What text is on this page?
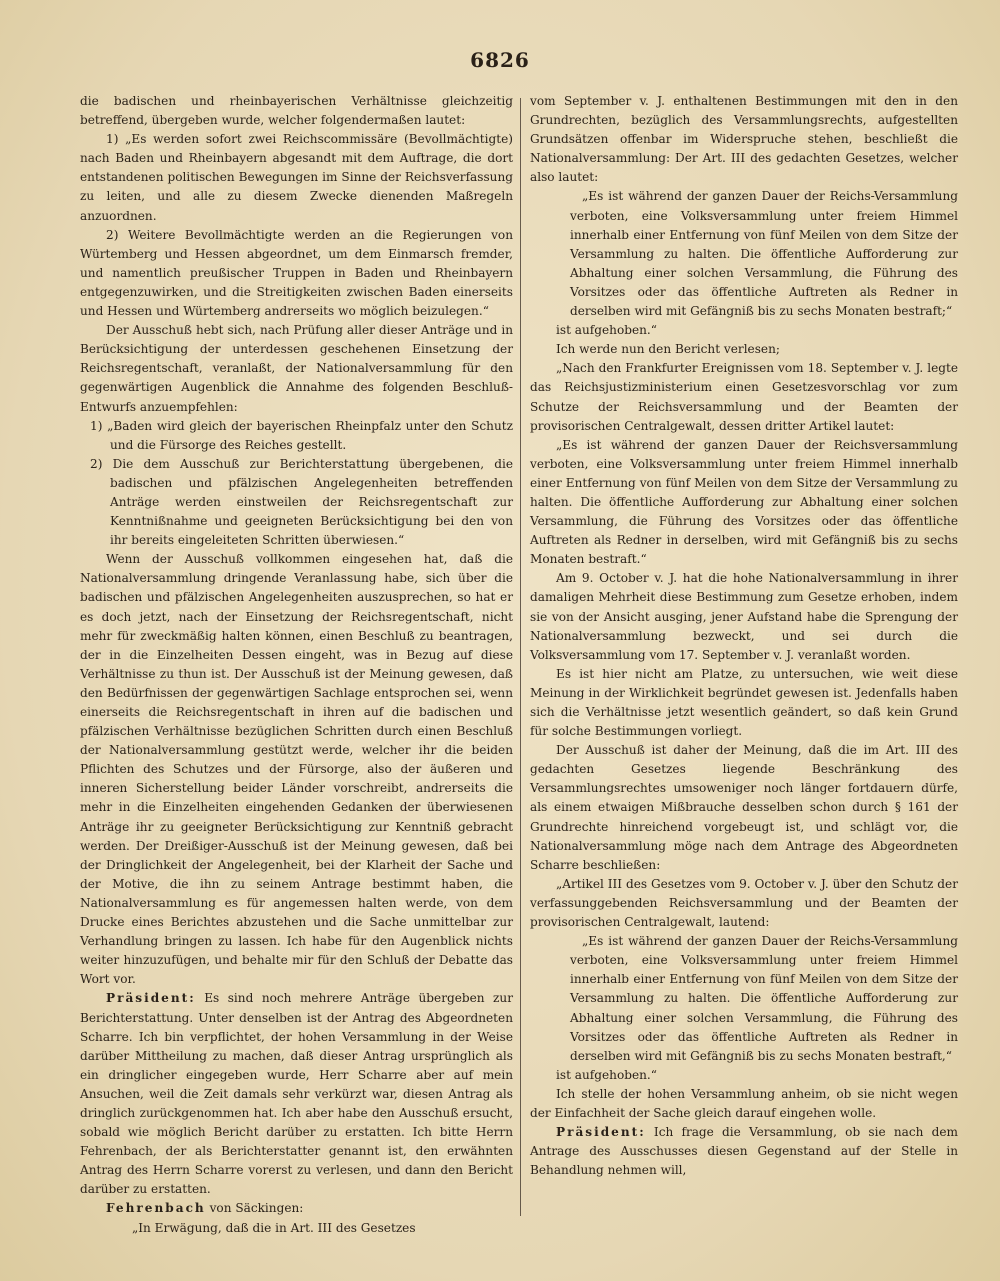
6826

die badischen und rheinbayerischen Verhältnisse gleichzeitig betreffend, übergeben wurde, welcher folgendermaßen lautet:

1) „Es werden sofort zwei Reichscommissäre (Bevollmächtigte) nach Baden und Rheinbayern abgesandt mit dem Auftrage, die dort entstandenen politischen Bewegungen im Sinne der Reichsverfassung zu leiten, und alle zu diesem Zwecke dienenden Maßregeln anzuordnen.

2) Weitere Bevollmächtigte werden an die Regierungen von Würtemberg und Hessen abgeordnet, um dem Einmarsch fremder, und namentlich preußischer Truppen in Baden und Rheinbayern entgegenzuwirken, und die Streitigkeiten zwischen Baden einerseits und Hessen und Würtemberg andrerseits wo möglich beizulegen.“

Der Ausschuß hebt sich, nach Prüfung aller dieser Anträge und in Berücksichtigung der unterdessen geschehenen Einsetzung der Reichsregentschaft, veranlaßt, der Nationalversammlung für den gegenwärtigen Augenblick die Annahme des folgenden Beschluß-Entwurfs anzuempfehlen:

1) „Baden wird gleich der bayerischen Rheinpfalz unter den Schutz und die Fürsorge des Reiches gestellt.

2) Die dem Ausschuß zur Berichterstattung übergebenen, die badischen und pfälzischen Angelegenheiten betreffenden Anträge werden einstweilen der Reichsregentschaft zur Kenntnißnahme und geeigneten Berücksichtigung bei den von ihr bereits eingeleiteten Schritten überwiesen.“

Wenn der Ausschuß vollkommen eingesehen hat, daß die Nationalversammlung dringende Veranlassung habe, sich über die badischen und pfälzischen Angelegenheiten auszusprechen, so hat er es doch jetzt, nach der Einsetzung der Reichsregentschaft, nicht mehr für zweckmäßig halten können, einen Beschluß zu beantragen, der in die Einzelheiten Dessen eingeht, was in Bezug auf diese Verhältnisse zu thun ist. Der Ausschuß ist der Meinung gewesen, daß den Bedürfnissen der gegenwärtigen Sachlage entsprochen sei, wenn einerseits die Reichsregentschaft in ihren auf die badischen und pfälzischen Verhältnisse bezüglichen Schritten durch einen Beschluß der Nationalversammlung gestützt werde, welcher ihr die beiden Pflichten des Schutzes und der Fürsorge, also der äußeren und inneren Sicherstellung beider Länder vorschreibt, andrerseits die mehr in die Einzelheiten eingehenden Gedanken der überwiesenen Anträge ihr zu geeigneter Berücksichtigung zur Kenntniß gebracht werden. Der Dreißiger-Ausschuß ist der Meinung gewesen, daß bei der Dringlichkeit der Angelegenheit, bei der Klarheit der Sache und der Motive, die ihn zu seinem Antrage bestimmt haben, die Nationalversammlung es für angemessen halten werde, von dem Drucke eines Berichtes abzustehen und die Sache unmittelbar zur Verhandlung bringen zu lassen. Ich habe für den Augenblick nichts weiter hinzuzufügen, und behalte mir für den Schluß der Debatte das Wort vor.

Präsident: Es sind noch mehrere Anträge übergeben zur Berichterstattung. Unter denselben ist der Antrag des Abgeordneten Scharre. Ich bin verpflichtet, der hohen Versammlung in der Weise darüber Mittheilung zu machen, daß dieser Antrag ursprünglich als ein dringlicher eingegeben wurde, Herr Scharre aber auf mein Ansuchen, weil die Zeit damals sehr verkürzt war, diesen Antrag als dringlich zurückgenommen hat. Ich aber habe den Ausschuß ersucht, sobald wie möglich Bericht darüber zu erstatten. Ich bitte Herrn Fehrenbach, der als Berichterstatter genannt ist, den erwähnten Antrag des Herrn Scharre vorerst zu verlesen, und dann den Bericht darüber zu erstatten.

Fehrenbach von Säckingen:

„In Erwägung, daß die in Art. III des Gesetzes

vom September v. J. enthaltenen Bestimmungen mit den in den Grundrechten, bezüglich des Versammlungsrechts, aufgestellten Grundsätzen offenbar im Widerspruche stehen, beschließt die Nationalversammlung: Der Art. III des gedachten Gesetzes, welcher also lautet:

„Es ist während der ganzen Dauer der Reichs-Versammlung verboten, eine Volksversammlung unter freiem Himmel innerhalb einer Entfernung von fünf Meilen von dem Sitze der Versammlung zu halten. Die öffentliche Aufforderung zur Abhaltung einer solchen Versammlung, die Führung des Vorsitzes oder das öffentliche Auftreten als Redner in derselben wird mit Gefängniß bis zu sechs Monaten bestraft;“

ist aufgehoben.“

Ich werde nun den Bericht verlesen;

„Nach den Frankfurter Ereignissen vom 18. September v. J. legte das Reichsjustizministerium einen Gesetzesvorschlag vor zum Schutze der Reichsversammlung und der Beamten der provisorischen Centralgewalt, dessen dritter Artikel lautet:

„Es ist während der ganzen Dauer der Reichsversammlung verboten, eine Volksversammlung unter freiem Himmel innerhalb einer Entfernung von fünf Meilen von dem Sitze der Versammlung zu halten. Die öffentliche Aufforderung zur Abhaltung einer solchen Versammlung, die Führung des Vorsitzes oder das öffentliche Auftreten als Redner in derselben, wird mit Gefängniß bis zu sechs Monaten bestraft.“

Am 9. October v. J. hat die hohe Nationalversammlung in ihrer damaligen Mehrheit diese Bestimmung zum Gesetze erhoben, indem sie von der Ansicht ausging, jener Aufstand habe die Sprengung der Nationalversammlung bezweckt, und sei durch die Volksversammlung vom 17. September v. J. veranlaßt worden.

Es ist hier nicht am Platze, zu untersuchen, wie weit diese Meinung in der Wirklichkeit begründet gewesen ist. Jedenfalls haben sich die Verhältnisse jetzt wesentlich geändert, so daß kein Grund für solche Bestimmungen vorliegt.

Der Ausschuß ist daher der Meinung, daß die im Art. III des gedachten Gesetzes liegende Beschränkung des Versammlungsrechtes umsoweniger noch länger fortdauern dürfe, als einem etwaigen Mißbrauche desselben schon durch § 161 der Grundrechte hinreichend vorgebeugt ist, und schlägt vor, die Nationalversammlung möge nach dem Antrage des Abgeordneten Scharre beschließen:

„Artikel III des Gesetzes vom 9. October v. J. über den Schutz der verfassunggebenden Reichsversammlung und der Beamten der provisorischen Centralgewalt, lautend:

„Es ist während der ganzen Dauer der Reichs-Versammlung verboten, eine Volksversammlung unter freiem Himmel innerhalb einer Entfernung von fünf Meilen von dem Sitze der Versammlung zu halten. Die öffentliche Aufforderung zur Abhaltung einer solchen Versammlung, die Führung des Vorsitzes oder das öffentliche Auftreten als Redner in derselben wird mit Gefängniß bis zu sechs Monaten bestraft,“

ist aufgehoben.“

Ich stelle der hohen Versammlung anheim, ob sie nicht wegen der Einfachheit der Sache gleich darauf eingehen wolle.

Präsident: Ich frage die Versammlung, ob sie nach dem Antrage des Ausschusses diesen Gegenstand auf der Stelle in Behandlung nehmen will,
